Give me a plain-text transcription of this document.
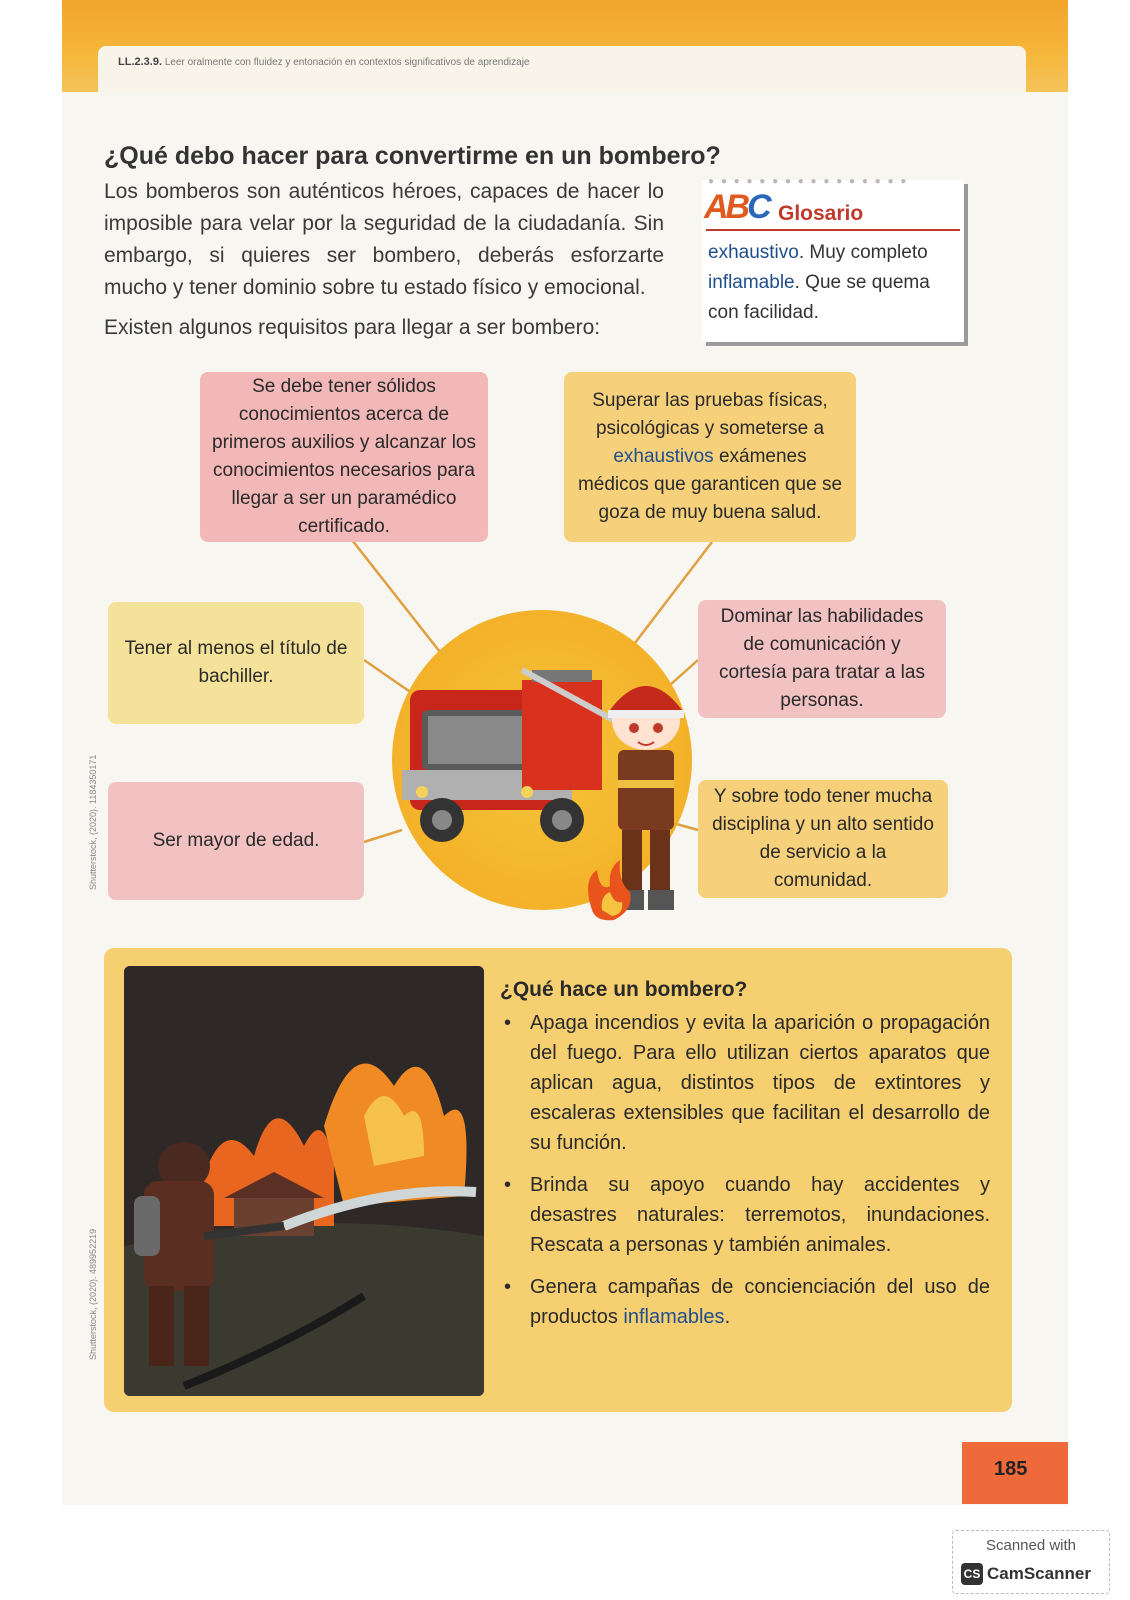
LL.2.3.9. Leer oralmente con fluidez y entonación en contextos significativos de aprendizaje
¿Qué debo hacer para convertirme en un bombero?
Los bomberos son auténticos héroes, capaces de hacer lo imposible para velar por la seguridad de la ciudadanía. Sin embargo, si quieres ser bombero, deberás esforzarte mucho y tener dominio sobre tu estado físico y emocional.
Existen algunos requisitos para llegar a ser bombero:
● ● ● ● ● ● ● ● ● ● ● ● ● ● ● ●
ABC Glosario
exhaustivo. Muy completo
inflamable. Que se quema con facilidad.
Se debe tener sólidos conocimientos acerca de primeros auxilios y alcanzar los conocimientos necesarios para llegar a ser un paramédico certificado.
Superar las pruebas físicas, psicológicas y someterse a exhaustivos exámenes médicos que garanticen que se goza de muy buena salud.
Tener al menos el título de bachiller.
Dominar las habilidades de comunicación y cortesía para tratar a las personas.
Ser mayor de edad.
Y sobre todo tener mucha disciplina y un alto sentido de servicio a la comunidad.
¿Qué hace un bombero?
• Apaga incendios y evita la aparición o propagación del fuego. Para ello utilizan ciertos aparatos que aplican agua, distintos tipos de extintores y escaleras extensibles que facilitan el desarrollo de su función.
• Brinda su apoyo cuando hay accidentes y desastres naturales: terremotos, inundaciones. Rescata a personas y también animales.
• Genera campañas de concienciación del uso de productos inflamables.
Shutterstock, (2020). 1184350171
Shutterstock, (2020). 489952219
185
Scanned with
CS CamScanner
